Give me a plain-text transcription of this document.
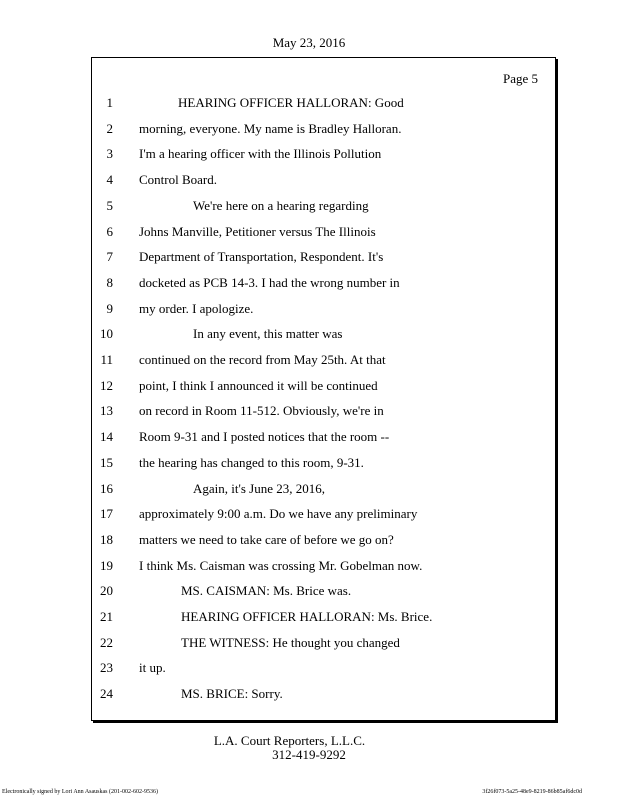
May 23, 2016
Page 5
1	HEARING OFFICER HALLORAN: Good
2 morning, everyone. My name is Bradley Halloran.
3 I'm a hearing officer with the Illinois Pollution
4 Control Board.
5	We're here on a hearing regarding
6 Johns Manville, Petitioner versus The Illinois
7 Department of Transportation, Respondent. It's
8 docketed as PCB 14-3. I had the wrong number in
9 my order. I apologize.
10	In any event, this matter was
11 continued on the record from May 25th. At that
12 point, I think I announced it will be continued
13 on record in Room 11-512. Obviously, we're in
14 Room 9-31 and I posted notices that the room --
15 the hearing has changed to this room, 9-31.
16	Again, it's June 23, 2016,
17 approximately 9:00 a.m. Do we have any preliminary
18 matters we need to take care of before we go on?
19 I think Ms. Caisman was crossing Mr. Gobelman now.
20	MS. CAISMAN: Ms. Brice was.
21	HEARING OFFICER HALLORAN: Ms. Brice.
22	THE WITNESS: He thought you changed
23 it up.
24	MS. BRICE: Sorry.
L.A. Court Reporters, L.L.C.
312-419-9292
Electronically signed by Lori Ann Asauskas (201-002-602-9536)	3f26f073-5a25-48e9-8219-86b85af6dc0d
